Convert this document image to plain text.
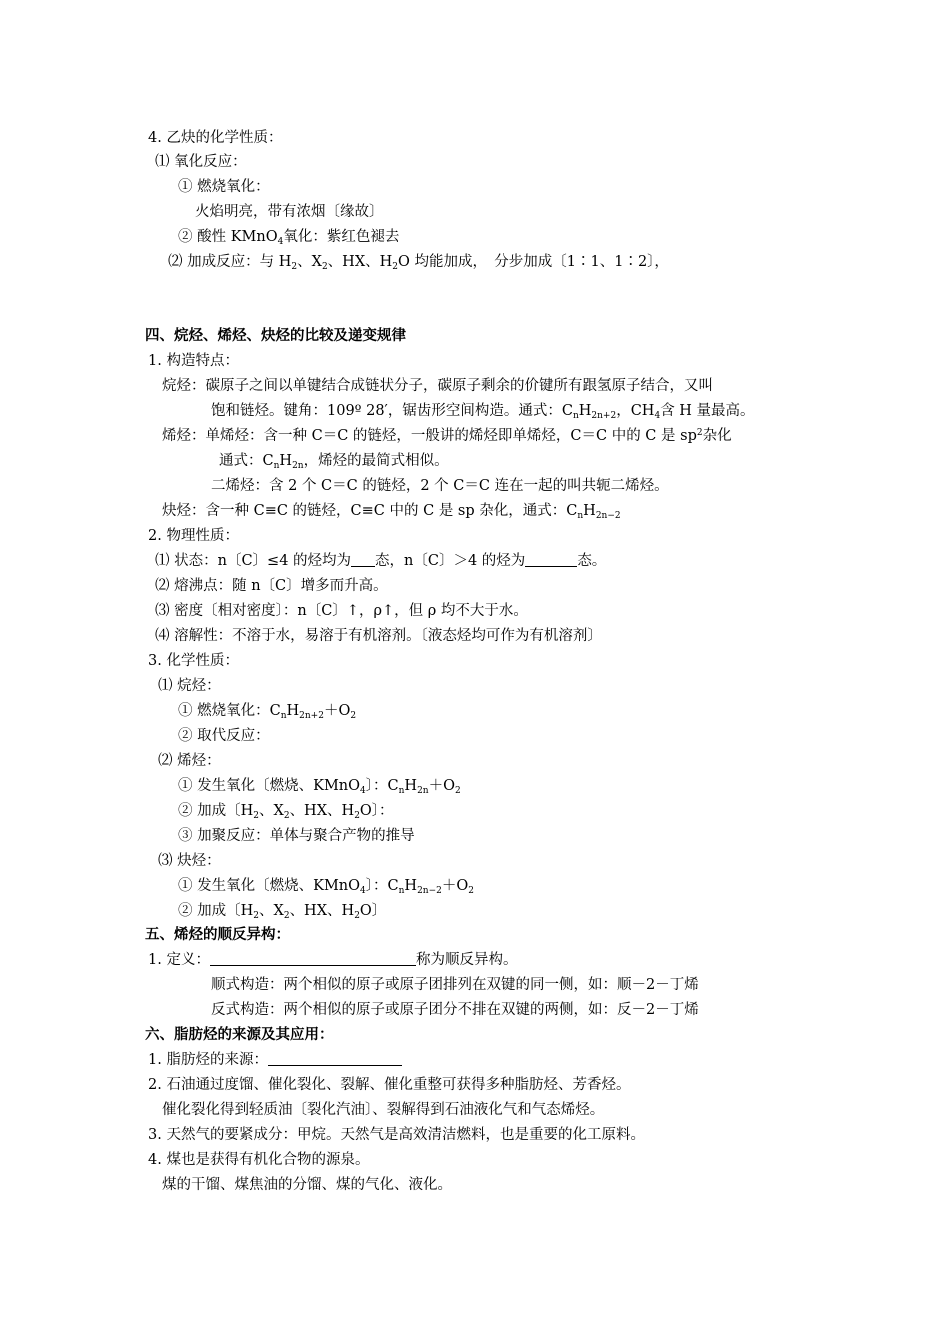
4. 乙炔的化学性质：
⑴ 氧化反应：
① 燃烧氧化：
火焰明亮，带有浓烟〔缘故〕
② 酸性 KMnO$_4$氧化：紫红色褪去
⑵ 加成反应：与 $H_2$、$X_2$、HX、$H_2O$ 均能加成，　分步加成〔1∶1、1∶2〕，
四、烷烃、烯烃、炔烃的比较及递变规律
1. 构造特点：
烷烃：碳原子之间以单键结合成链状分子，碳原子剩余的价键所有跟氢原子结合，又叫
饱和链烃。键角：109º 28′，锯齿形空间构造。通式：$C_nH_{2n+2}$，$CH_4$含 H 量最高。
烯烃：单烯烃：含一种 C＝C 的链烃，一般讲的烯烃即单烯烃，C＝C 中的 C 是 $sp^2$杂化
通式：$C_nH_{2n}$，烯烃的最简式相似。
二烯烃：含 2 个 C＝C 的链烃，2 个 C＝C 连在一起的叫共轭二烯烃。
炔烃：含一种 C≡C 的链烃，C≡C 中的 C 是 sp 杂化，通式：$C_nH_{2n-2}$
2. 物理性质：
⑴ 状态：n〔C〕≤4 的烃均为 态，n〔C〕＞4 的烃为	态。
⑵ 熔沸点：随 n〔C〕增多而升高。
⑶ 密度〔相对密度〕：n〔C〕↑，ρ↑，但 ρ 均不大于水。
⑷ 溶解性：不溶于水，易溶于有机溶剂。〔液态烃均可作为有机溶剂〕
3. 化学性质：
⑴ 烷烃：
① 燃烧氧化：$C_nH_{2n+2}+O_2$
② 取代反应：
⑵ 烯烃：
① 发生氧化〔燃烧、KMnO$_4$〕：$C_nH_{2n}+O_2$
② 加成〔$H_2$、$X_2$、HX、$H_2O$〕：
③ 加聚反应：单体与聚合产物的推导
⑶ 炔烃：
① 发生氧化〔燃烧、KMnO$_4$〕：$C_nH_{2n-2}+O_2$
② 加成〔$H_2$、$X_2$、HX、$H_2O$〕
五、烯烃的顺反异构：
1. 定义：	称为顺反异构。
顺式构造：两个相似的原子或原子团排列在双键的同一侧，如：顺－2－丁烯
反式构造：两个相似的原子或原子团分不排在双键的两侧，如：反－2－丁烯
六、脂肪烃的来源及其应用：
1. 脂肪烃的来源：
2. 石油通过度馏、催化裂化、裂解、催化重整可获得多种脂肪烃、芳香烃。
催化裂化得到轻质油〔裂化汽油〕、裂解得到石油液化气和气态烯烃。
3. 天然气的要紧成分：甲烷。天然气是高效清洁燃料，也是重要的化工原料。
4. 煤也是获得有机化合物的源泉。
煤的干馏、煤焦油的分馏、煤的气化、液化。
